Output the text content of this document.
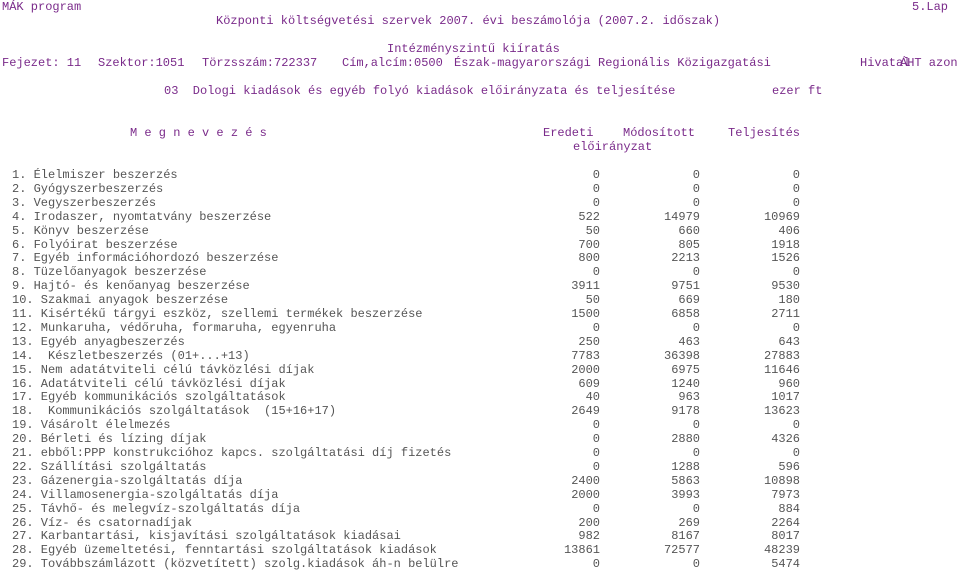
MÁK program	5.Lap
Központi költségvetési szervek 2007. évi beszámolója (2007.2. időszak)
Intézményszintű kiíratás
Fejezet: 11 Szektor:1051 Törzsszám:722337 Cím,alcím:0500 Észak-magyarországi Regionális Közigazgatási	Hivatal
ÁHT azon
03  Dologi kiadások és egyéb folyó kiadások előirányzata és teljesítése	ezer ft
M e g n e v e z é s	Eredeti Módosított	Teljesítés
előirányzat
1. Élelmiszer beszerzés	0	0	0
2. Gyógyszerbeszerzés	0	0	0
3. Vegyszerbeszerzés	0	0	0
4. Irodaszer, nyomtatvány beszerzése	522	14979	10969
5. Könyv beszerzése	50	660	406
6. Folyóirat beszerzése	700	805	1918
7. Egyéb információhordozó beszerzése	800	2213	1526
8. Tüzelőanyagok beszerzése	0	0	0
9. Hajtó- és kenőanyag beszerzése	3911	9751	9530
10. Szakmai anyagok beszerzése	50	669	180
11. Kisértékű tárgyi eszköz, szellemi termékek beszerzése	1500	6858	2711
12. Munkaruha, védőruha, formaruha, egyenruha	0	0	0
13. Egyéb anyagbeszerzés	250	463	643
14.  Készletbeszerzés (01+...+13)	7783	36398	27883
15. Nem adatátviteli célú távközlési díjak	2000	6975	11646
16. Adatátviteli célú távközlési díjak	609	1240	960
17. Egyéb kommunikációs szolgáltatások	40	963	1017
18.  Kommunikációs szolgáltatások  (15+16+17)	2649	9178	13623
19. Vásárolt élelmezés	0	0	0
20. Bérleti és lízing díjak	0	2880	4326
21. ebből:PPP konstrukcióhoz kapcs. szolgáltatási díj fizetés	0	0	0
22. Szállítási szolgáltatás	0	1288	596
23. Gázenergia-szolgáltatás díja	2400	5863	10898
24. Villamosenergia-szolgáltatás díja	2000	3993	7973
25. Távhő- és melegvíz-szolgáltatás díja	0	0	884
26. Víz- és csatornadíjak	200	269	2264
27. Karbantartási, kisjavítási szolgáltatások kiadásai	982	8167	8017
28. Egyéb üzemeltetési, fenntartási szolgáltatások kiadások	13861	72577	48239
29. Továbbszámlázott (közvetített) szolg.kiadások áh-n belülre	0	0	5474
